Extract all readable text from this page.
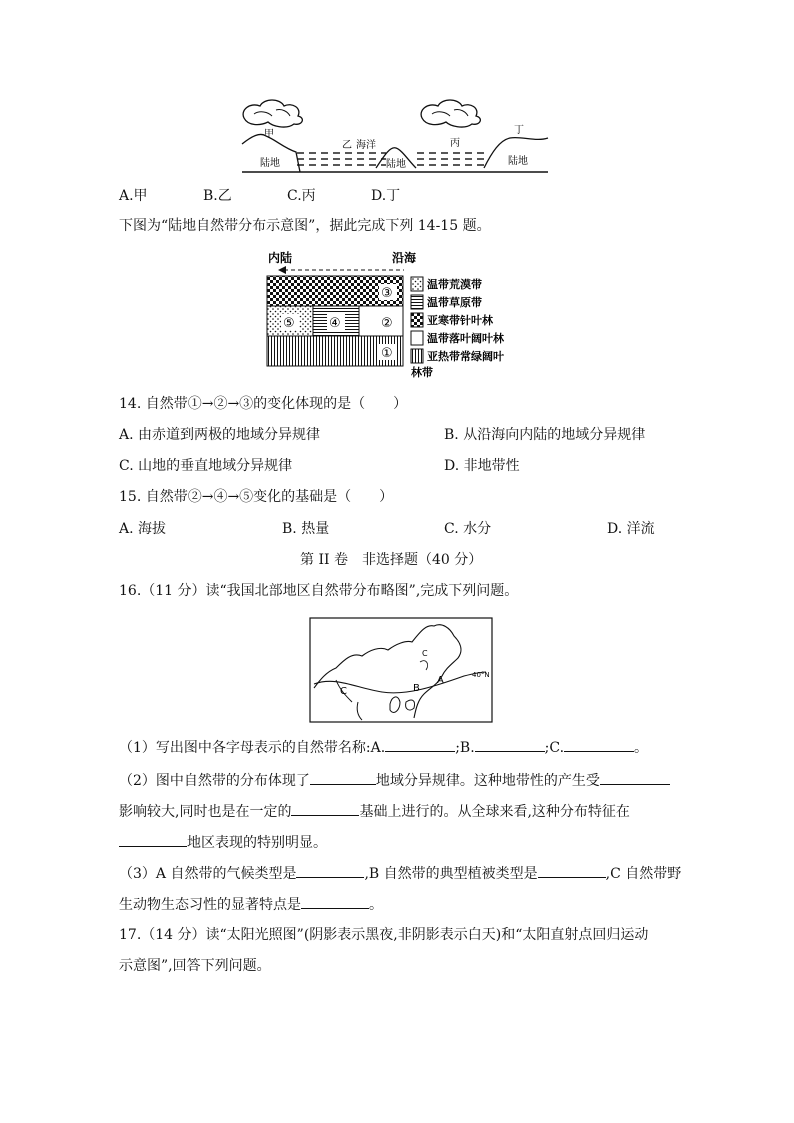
甲
乙 海洋	丙
丁
陆地	陆地	陆地
A.甲	B.乙	C.丙	D.丁
下图为“陆地自然带分布示意图”，据此完成下列 14-15 题。
内陆	沿海
③
⑤	④	②
①
温带荒漠带
温带草原带
亚寒带针叶林
温带落叶阔叶林
亚热带常绿阔叶
林带
14. 自然带①→②→③的变化体现的是（　　）
A. 由赤道到两极的地域分异规律	B. 从沿海向内陆的地域分异规律
C. 山地的垂直地域分异规律	D. 非地带性
15. 自然带②→④→⑤变化的基础是（　　）
A. 海拔	B. 热量	C. 水分	D. 洋流
第 II 卷　非选择题（40 分）
16.（11 分）读“我国北部地区自然带分布略图”,完成下列问题。
A
B
C
C
40°N
（1）写出图中各字母表示的自然带名称:A.	;B.	;C.	。
（2）图中自然带的分布体现了	地域分异规律。这种地带性的产生受
影响较大,同时也是在一定的	基础上进行的。从全球来看,这种分布特征在
地区表现的特别明显。
（3）A 自然带的气候类型是	,B 自然带的典型植被类型是	,C 自然带野
生动物生态习性的显著特点是	。
17.（14 分）读“太阳光照图”(阴影表示黑夜,非阴影表示白天)和“太阳直射点回归运动
示意图”,回答下列问题。
